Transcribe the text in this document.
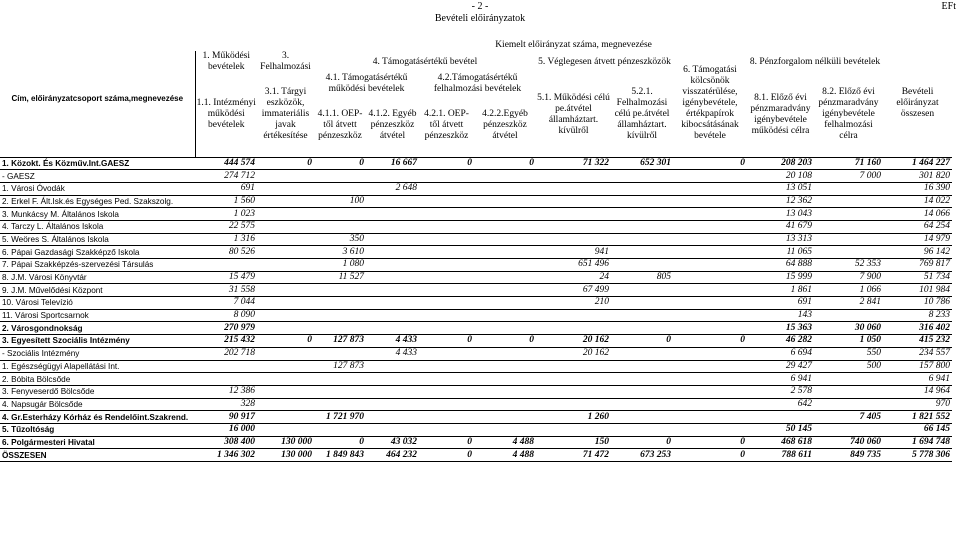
- 2 -
Bevételi előirányzatok
EFt
Cím, előirányzatcsoport száma,megnevezése	Kiemelt előirányzat száma, megnevezése											
	1. Működési bevételek	3. Felhalmozási	4. Támogatásértékű bevétel				5. Véglegesen átvett pénzeszközök		6. Támogatási kölcsönök visszatérülése, igénybevétele, értékpapírok kibocsátásának bevétele	8. Pénzforgalom nélküli bevételek		Bevételi előirányzat összesen

	1.1. Intézményi működési bevételek	3.1. Tárgyi eszközök, immateriális javak értékesítése	4.1. Támogatásértékű működési bevételek		4.2.Támogatásértékű felhalmozási bevételek		5.1. Működési célú pe.átvétel államháztart. kívülről	5.2.1. Felhalmozási célú pe.átvétel államháztart. kívülről		8.1. Előző évi pénzmaradvány igénybevétele működési célra	8.2. Előző évi pénzmaradvány igénybevétele felhalmozási célra	
			4.1.1. OEP-től átvett pénzeszköz	4.1.2. Egyéb pénzeszköz átvétel	4.2.1. OEP-től átvett pénzeszköz	4.2.2.Egyéb pénzeszköz átvétel						
1. Közokt. És Közműv.Int.GAESZ	444 574	0	0	16 667	0	0	71 322	652 301	0	208 203	71 160	1 464 227
- GAESZ	274 712									20 108	7 000	301 820
1. Városi Óvodák	691			2 648						13 051		16 390
2. Erkel F. Ált.Isk.és Egységes Ped. Szakszolg.	1 560		100							12 362		14 022
3. Munkácsy M. Általános Iskola	1 023									13 043		14 066
4. Tarczy L. Általános Iskola	22 575									41 679		64 254
5. Weöres S. Általános Iskola	1 316		350							13 313		14 979
6. Pápai Gazdasági Szakképző Iskola	80 526		3 610				941			11 065		96 142
7. Pápai Szakképzés-szervezési Társulás			1 080				651 496			64 888	52 353	769 817
8. J.M. Városi Könyvtár	15 479		11 527				24	805		15 999	7 900	51 734
9. J.M. Művelődési Központ	31 558						67 499			1 861	1 066	101 984
10. Városi Televízió	7 044						210			691	2 841	10 786
11. Városi Sportcsarnok	8 090									143		8 233
2. Városgondnokság	270 979									15 363	30 060	316 402
3. Egyesített Szociális Intézmény	215 432	0	127 873	4 433	0	0	20 162	0	0	46 282	1 050	415 232
- Szociális Intézmény	202 718			4 433			20 162			6 694	550	234 557
1. Egészségügyi Alapellátási Int.			127 873							29 427	500	157 800
2. Bóbita Bölcsőde										6 941		6 941
3. Fenyveserdő Bölcsőde	12 386									2 578		14 964
4. Napsugár Bölcsőde	328									642		970
4. Gr.Esterházy Kórház és Rendelőint.Szakrend.	90 917		1 721 970				1 260				7 405	1 821 552
5. Tűzoltóság	16 000									50 145		66 145
6. Polgármesteri Hivatal	308 400	130 000	0	43 032	0	4 488	150	0	0	468 618	740 060	1 694 748
ÖSSZESEN	1 346 302	130 000	1 849 843	464 232	0	4 488	71 472	673 253	0	788 611	849 735	5 778 306
